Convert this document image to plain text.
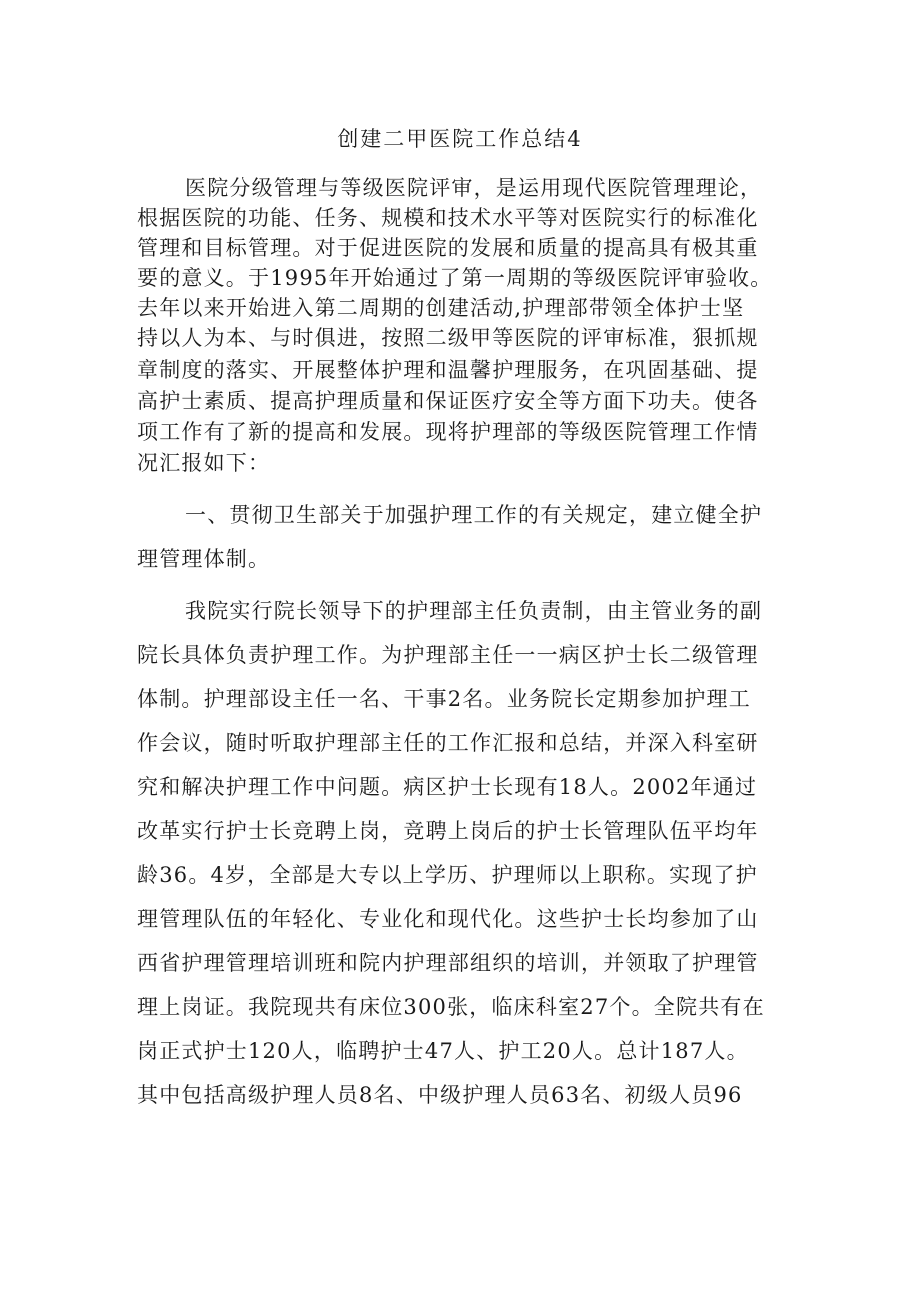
创建二甲医院工作总结4

医院分级管理与等级医院评审，是运用现代医院管理理论，

根据医院的功能、任务、规模和技术水平等对医院实行的标准化

管理和目标管理。对于促进医院的发展和质量的提高具有极其重

要的意义。于1995年开始通过了第一周期的等级医院评审验收。

去年以来开始进入第二周期的创建活动,护理部带领全体护士坚

持以人为本、与时俱进，按照二级甲等医院的评审标准，狠抓规

章制度的落实、开展整体护理和温馨护理服务，在巩固基础、提

高护士素质、提高护理质量和保证医疗安全等方面下功夫。使各

项工作有了新的提高和发展。现将护理部的等级医院管理工作情

况汇报如下：

一、贯彻卫生部关于加强护理工作的有关规定，建立健全护

理管理体制。

我院实行院长领导下的护理部主任负责制，由主管业务的副

院长具体负责护理工作。为护理部主任一一病区护士长二级管理

体制。护理部设主任一名、干事2名。业务院长定期参加护理工

作会议，随时听取护理部主任的工作汇报和总结，并深入科室研

究和解决护理工作中问题。病区护士长现有18人。2002年通过

改革实行护士长竞聘上岗，竞聘上岗后的护士长管理队伍平均年

龄36。4岁，全部是大专以上学历、护理师以上职称。实现了护

理管理队伍的年轻化、专业化和现代化。这些护士长均参加了山

西省护理管理培训班和院内护理部组织的培训，并领取了护理管

理上岗证。我院现共有床位300张，临床科室27个。全院共有在

岗正式护士120人，临聘护士47人、护工20人。总计187人。

其中包括高级护理人员8名、中级护理人员63名、初级人员96
